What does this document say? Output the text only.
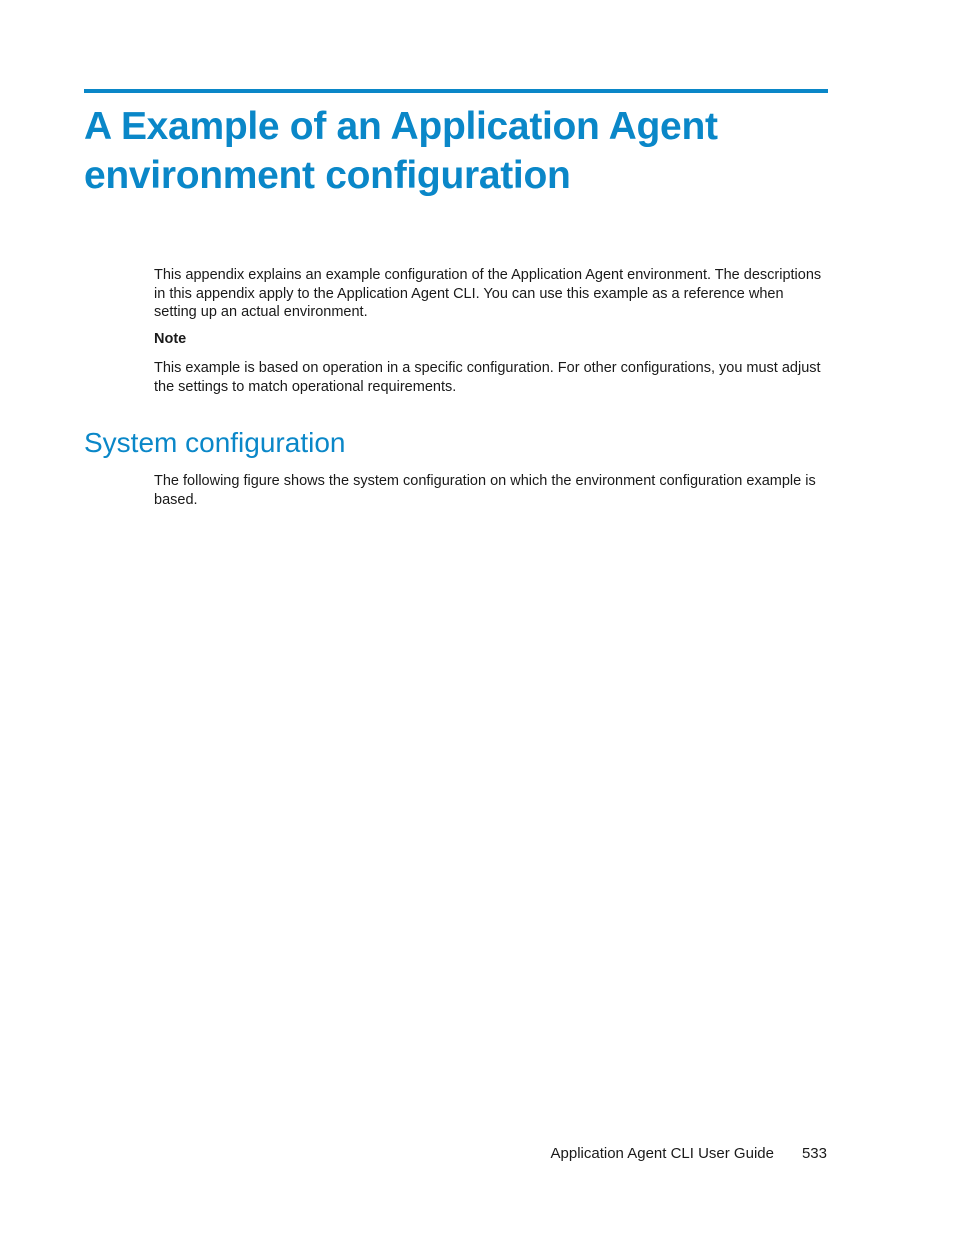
A Example of an Application Agent
environment configuration

This appendix explains an example configuration of the Application Agent environment. The descriptions in this appendix apply to the Application Agent CLI. You can use this example as a reference when setting up an actual environment.

Note

This example is based on operation in a specific configuration. For other configurations, you must adjust the settings to match operational requirements.

System configuration

The following figure shows the system configuration on which the environment configuration example is based.

Application Agent CLI User Guide 533
